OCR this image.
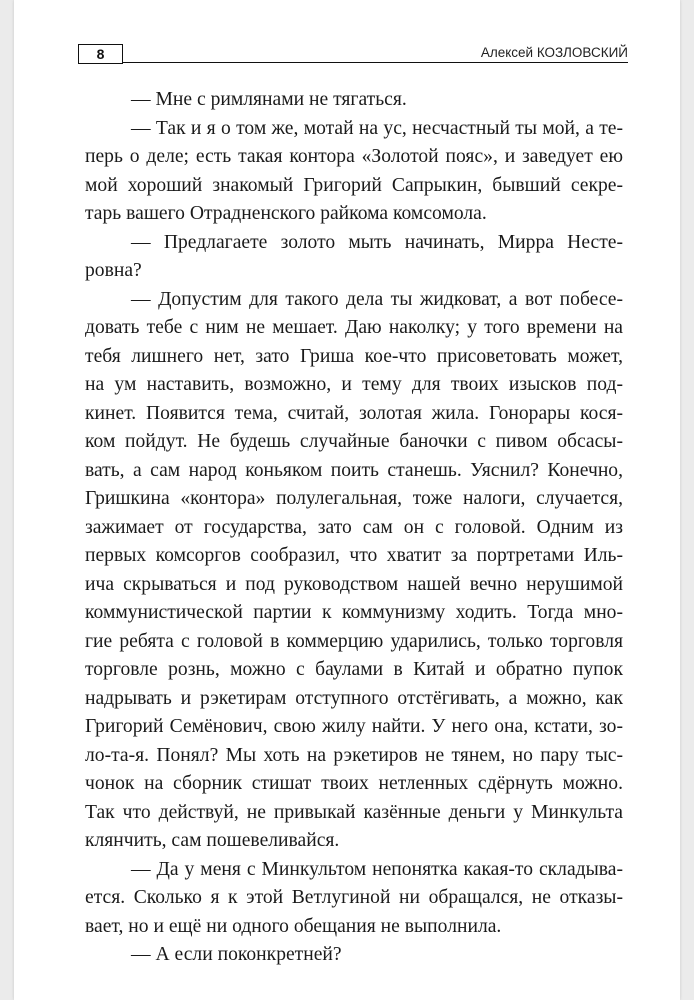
8	Алексей КОЗЛОВСКИЙ
— Мне с римлянами не тягаться.
— Так и я о том же, мотай на ус, несчастный ты мой, а те-
перь о деле; есть такая контора «Золотой пояс», и заведует ею
мой хороший знакомый Григорий Сапрыкин, бывший секре-
тарь вашего Отрадненского райкома комсомола.
— Предлагаете золото мыть начинать, Мирра Несте-
ровна?
— Допустим для такого дела ты жидковат, а вот побесе-
довать тебе с ним не мешает. Даю наколку; у того времени на
тебя лишнего нет, зато Гриша кое-что присоветовать может,
на ум наставить, возможно, и тему для твоих изысков под-
кинет. Появится тема, считай, золотая жила. Гонорары кося-
ком пойдут. Не будешь случайные баночки с пивом обсасы-
вать, а сам народ коньяком поить станешь. Уяснил? Конечно,
Гришкина «контора» полулегальная, тоже налоги, случается,
зажимает от государства, зато сам он с головой. Одним из
первых комсоргов сообразил, что хватит за портретами Иль-
ича скрываться и под руководством нашей вечно нерушимой
коммунистической партии к коммунизму ходить. Тогда мно-
гие ребята с головой в коммерцию ударились, только торговля
торговле рознь, можно с баулами в Китай и обратно пупок
надрывать и рэкетирам отступного отстёгивать, а можно, как
Григорий Семёнович, свою жилу найти. У него она, кстати, зо-
ло-та-я. Понял? Мы хоть на рэкетиров не тянем, но пару тыс-
чонок на сборник стишат твоих нетленных сдёрнуть можно.
Так что действуй, не привыкай казённые деньги у Минкульта
клянчить, сам пошевеливайся.
— Да у меня с Минкультом непонятка какая-то складыва-
ется. Сколько я к этой Ветлугиной ни обращался, не отказы-
вает, но и ещё ни одного обещания не выполнила.
— А если поконкретней?
